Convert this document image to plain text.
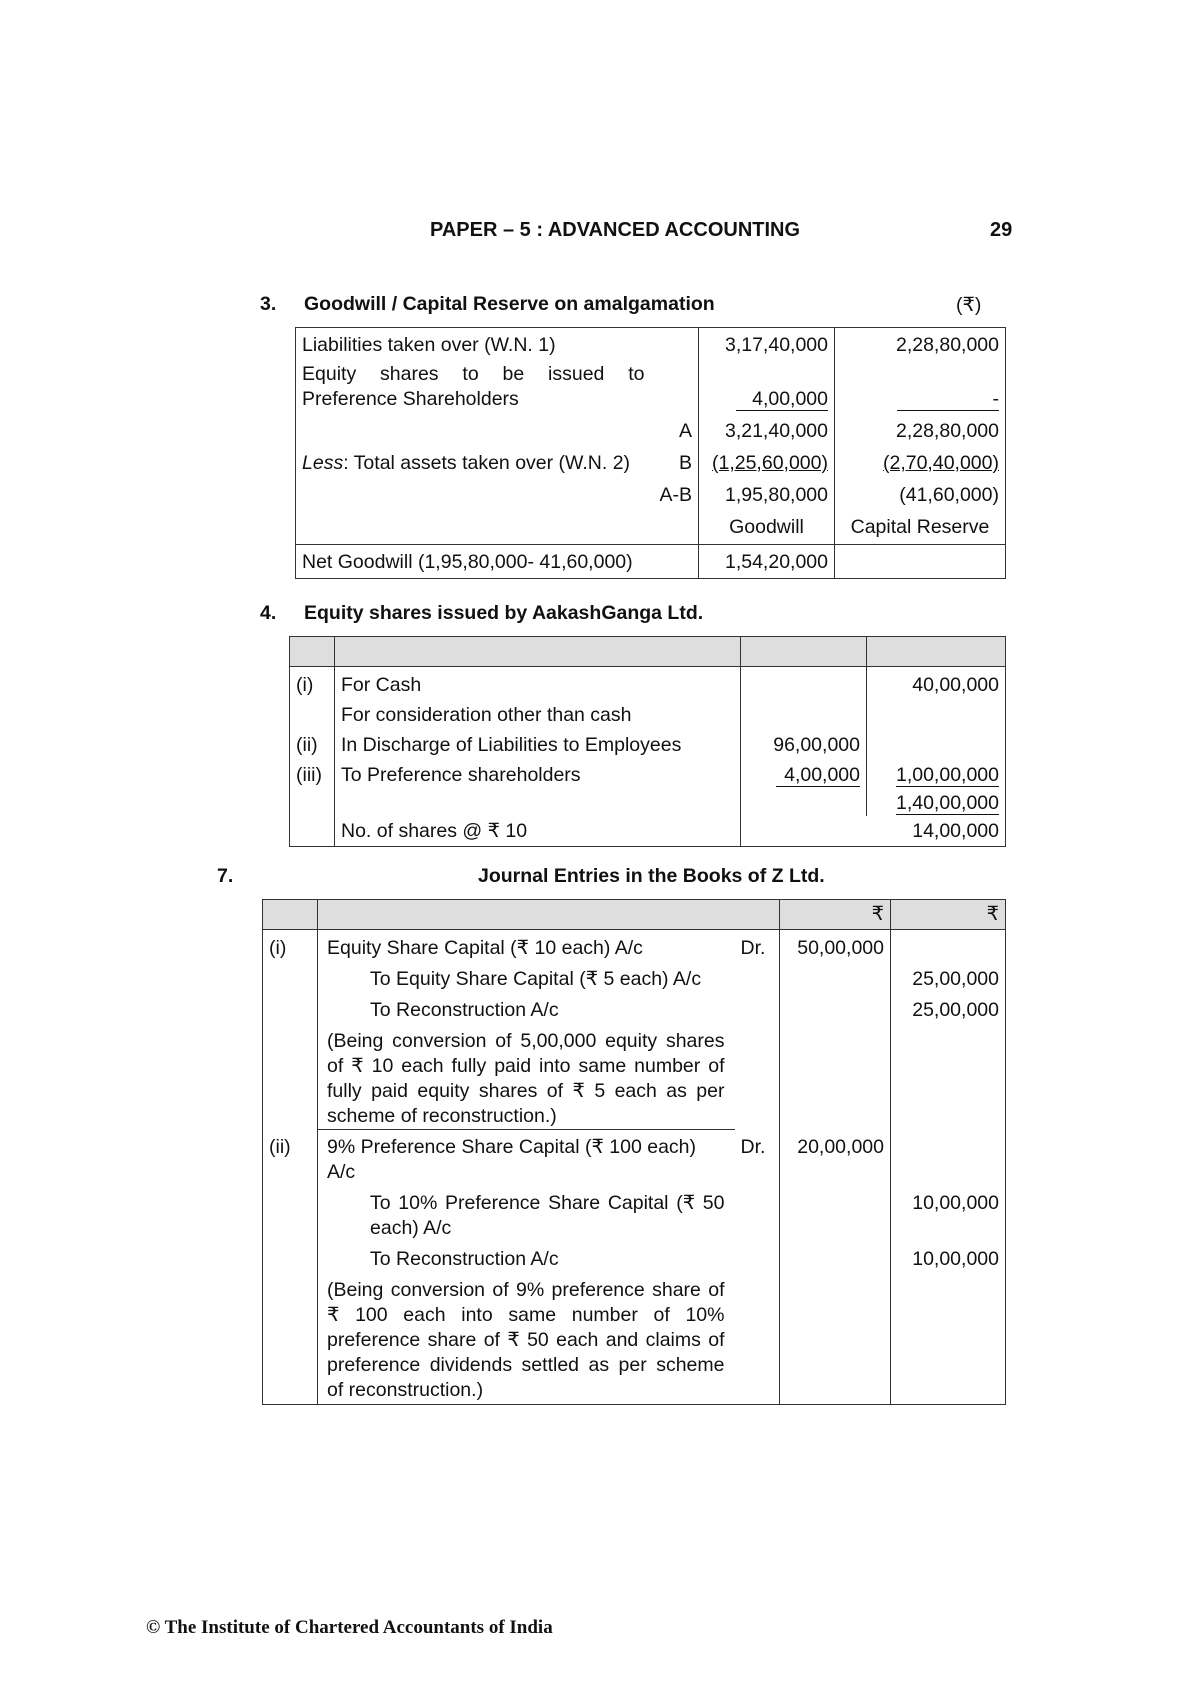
PAPER – 5 : ADVANCED ACCOUNTING	29
3. Goodwill / Capital Reserve on amalgamation	(₹)
Liabilities taken over (W.N. 1)		3,17,40,000	2,28,80,000
Equity shares to be issued to Preference Shareholders		4,00,000	-
	A	3,21,40,000	2,28,80,000
Less: Total assets taken over (W.N. 2)	B	(1,25,60,000)	(2,70,40,000)
	A-B	1,95,80,000	(41,60,000)
		Goodwill	Capital Reserve
Net Goodwill (1,95,80,000- 41,60,000)		1,54,20,000	
4. Equity shares issued by AakashGanga Ltd.

(i)	For Cash		40,00,000
	For consideration other than cash		
(ii)	In Discharge of Liabilities to Employees	96,00,000	
(iii)	To Preference shareholders	4,00,000	1,00,00,000
			1,40,00,000
	No. of shares @ ₹ 10		14,00,000
7.	Journal Entries in the Books of Z Ltd.
			₹	₹
(i)	Equity Share Capital (₹ 10 each) A/c	Dr.	50,00,000	
	To Equity Share Capital (₹ 5 each) A/c			25,00,000
	To Reconstruction A/c			25,00,000
	(Being conversion of 5,00,000 equity shares of ₹ 10 each fully paid into same number of fully paid equity shares of ₹ 5 each as per scheme of reconstruction.)			
(ii)	9% Preference Share Capital (₹ 100 each) A/c	Dr.	20,00,000	

	To 10% Preference Share Capital (₹ 50 each) A/c			10,00,000
	To Reconstruction A/c			10,00,000
	(Being conversion of 9% preference share of ₹ 100 each into same number of 10% preference share of ₹ 50 each and claims of preference dividends settled as per scheme of reconstruction.)			
© The Institute of Chartered Accountants of India
